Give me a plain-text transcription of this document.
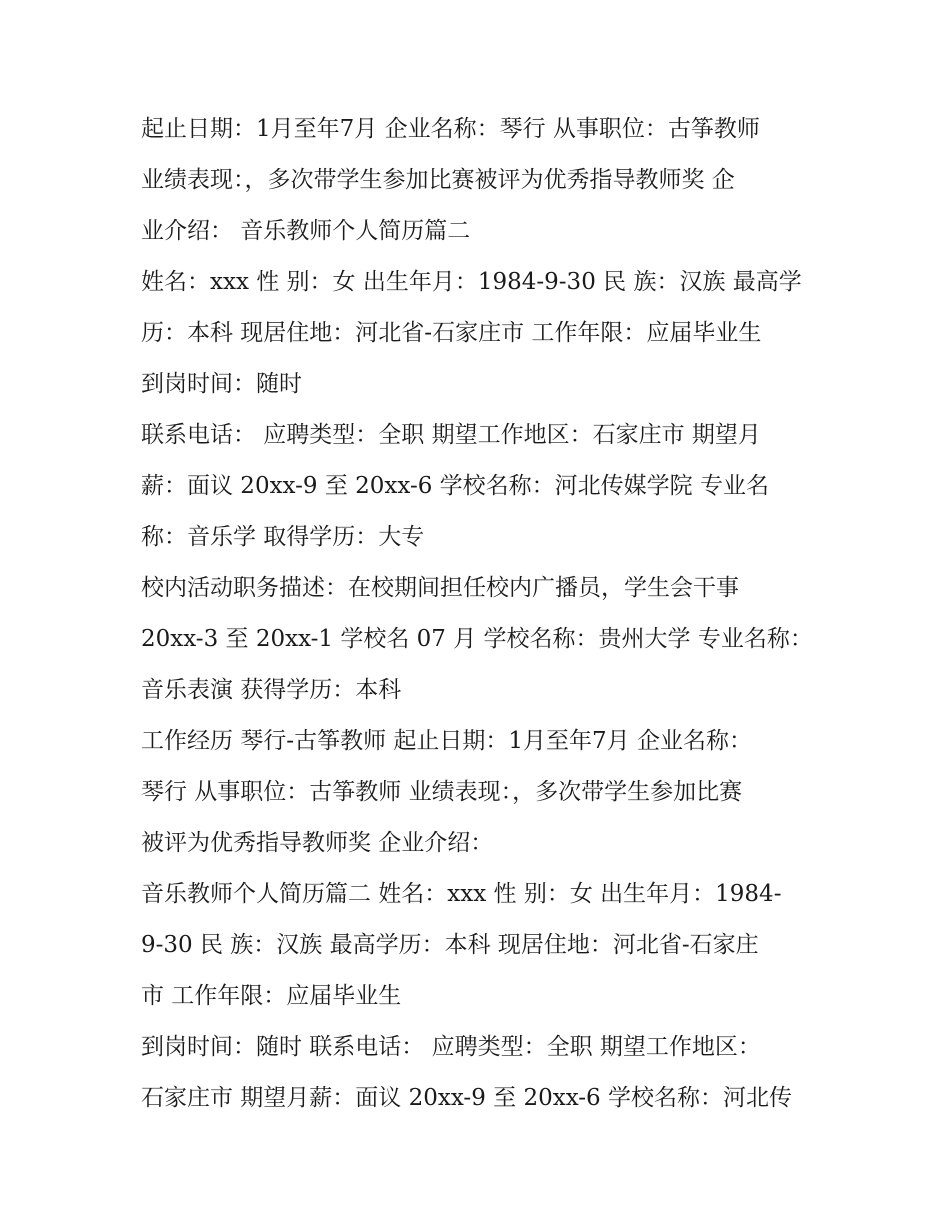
起止日期：1月至年7月 企业名称：琴行 从事职位：古筝教师
业绩表现：，多次带学生参加比赛被评为优秀指导教师奖 企
业介绍： 音乐教师个人简历篇二
姓名：xxx 性 别：女 出生年月：1984-9-30 民 族：汉族 最高学
历：本科 现居住地：河北省-石家庄市 工作年限：应届毕业生
到岗时间：随时
联系电话： 应聘类型：全职 期望工作地区：石家庄市 期望月
薪：面议 20xx-9 至 20xx-6 学校名称：河北传媒学院 专业名
称：音乐学 取得学历：大专
校内活动职务描述：在校期间担任校内广播员，学生会干事
20xx-3 至 20xx-1 学校名 07 月 学校名称：贵州大学 专业名称：
音乐表演 获得学历：本科
工作经历 琴行-古筝教师 起止日期：1月至年7月 企业名称：
琴行 从事职位：古筝教师 业绩表现：，多次带学生参加比赛
被评为优秀指导教师奖 企业介绍：
音乐教师个人简历篇二 姓名：xxx 性 别：女 出生年月：1984-
9-30 民 族：汉族 最高学历：本科 现居住地：河北省-石家庄
市 工作年限：应届毕业生
到岗时间：随时 联系电话： 应聘类型：全职 期望工作地区：
石家庄市 期望月薪：面议 20xx-9 至 20xx-6 学校名称：河北传
